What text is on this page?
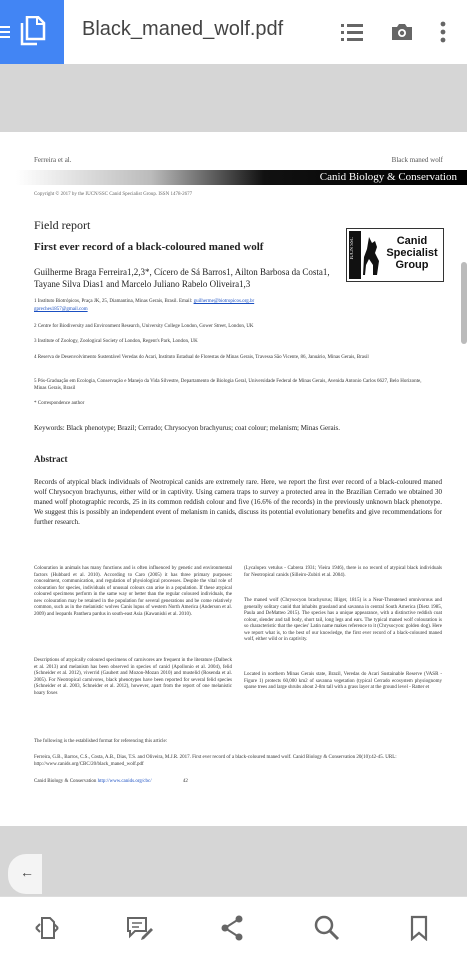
Black_maned_wolf.pdf
Ferreira et al.	Black maned wolf
Canid Biology & Conservation
Copyright © 2017 by the IUCN/SSC Canid Specialist Group. ISSN 1478-2677
Field report
First ever record of a black-coloured maned wolf
Guilherme Braga Ferreira1,2,3*, Cícero de Sá Barros1, Ailton Barbosa da Costa1, Tayane Silva Dias1 and Marcelo Juliano Rabelo Oliveira1,3
IUCN SSC	Canid
Specialist
Group
1 Instituto Biotrópicos, Praça JK, 25, Diamantina, Minas Gerais, Brasil. Email: guilherme@biotropicos.org.br
gpreches1857@gmail.com
2 Centre for Biodiversity and Environment Research, University College London, Gower Street, London, UK
3 Institute of Zoology, Zoological Society of London, Regent's Park, London, UK
4 Reserva de Desenvolvimento Sustentável Veredas do Acari, Instituto Estadual de Florestas de Minas Gerais, Travessa São Vicente, 86, Januário, Minas Gerais, Brasil
5 Pós-Graduação em Ecologia, Conservação e Manejo da Vida Silvestre, Departamento de Biologia Geral, Universidade Federal de Minas Gerais, Avenida Antonio Carlos 6627, Belo Horizonte, Minas Gerais, Brasil
* Correspondence author
Keywords: Black phenotype; Brazil; Cerrado; Chrysocyon brachyurus; coat colour; melanism; Minas Gerais.
Abstract
Records of atypical black individuals of Neotropical canids are extremely rare. Here, we report the first ever record of a black-coloured maned wolf Chrysocyon brachyurus, either wild or in captivity. Using camera traps to survey a protected area in the Brazilian Cerrado we obtained 30 maned wolf photographic records, 25 in its common reddish colour and five (16.6% of the records) in the previously unknown black phenotype. We suggest this is possibly an independent event of melanism in canids, discuss its potential evolutionary benefits and give recommendations for further research.
Colouration in animals has many functions and is often influenced by genetic and environmental factors (Hubbard et al. 2010). According to Caro (2005) it has three primary purposes: concealment, communication, and regulation of physiological processes. Despite the vital role of colouration for species, individuals of unusual colours can arise in a population. If these atypical coloured specimens perform in the same way or better than the regular coloured individuals, the new colouration may be retained in the population for several generations and be come relatively common, such as in the melanistic wolves Canis lupus of western North America (Anderson et al. 2009) and leopards Panthera pardus in south-east Asia (Kawanishi et al. 2010).
Descriptions of atypically coloured specimens of carnivores are frequent in the literature (Dalbeck et al. 2013) and melanism has been observed in species of canid (Apollonio et al. 2004), felid (Schneider et al. 2012), viverrid (Gaubert and Mozon-Mozan 2010) and mustelid (Rosenda et al. 2005). For Neotropical carnivores, black phenotypes have been reported for several felid species (Schneider et al. 2003, Schneider et al. 2012), however, apart from the report of one melanistic hoary foxes
(Lycalopex vetulus - Cabrera 1931; Vieira 1946), there is no record of atypical black individuals for Neotropical canids (Silleiro-Zubiri et al. 2004).
The maned wolf (Chrysocyon brachyurus; Illiger, 1815) is a Near-Threatened omnivorous and generally solitary canid that inhabits grassland and savanna in central South America (Dietz 1985, Paula and DeMatteo 2015). The species has a unique appearance, with a distinctive reddish coat colour, slender and tall body, short tail, long legs and ears. The typical maned wolf colouration is so characteristic that the species' Latin name makes reference to it (Chrysocyon: golden dog). Here we report what is, to the best of our knowledge, the first ever record of a black-coloured maned wolf, either wild or in captivity.
Located in northern Minas Gerais state, Brazil, Veredas do Acari Sustainable Reserve (VASR - Figure 1) protects 60,000 km2 of savanna vegetation (typical Cerrado ecosystem physiognomy sparse trees and large shrubs about 2-8m tall with a grass layer at the ground level - Ratter et
The following is the established format for referencing this article:
Ferreira, G.B., Barros, C.S., Costa, A.B., Dias, T.S. and Oliveira, M.J.R. 2017. First ever record of a black-coloured maned wolf. Canid Biology & Conservation 20(10):42-45. URL: http://www.canids.org/CBC/20/black_maned_wolf.pdf
Canid Biology & Conservation http://www.canids.org/cbc/	42
←
